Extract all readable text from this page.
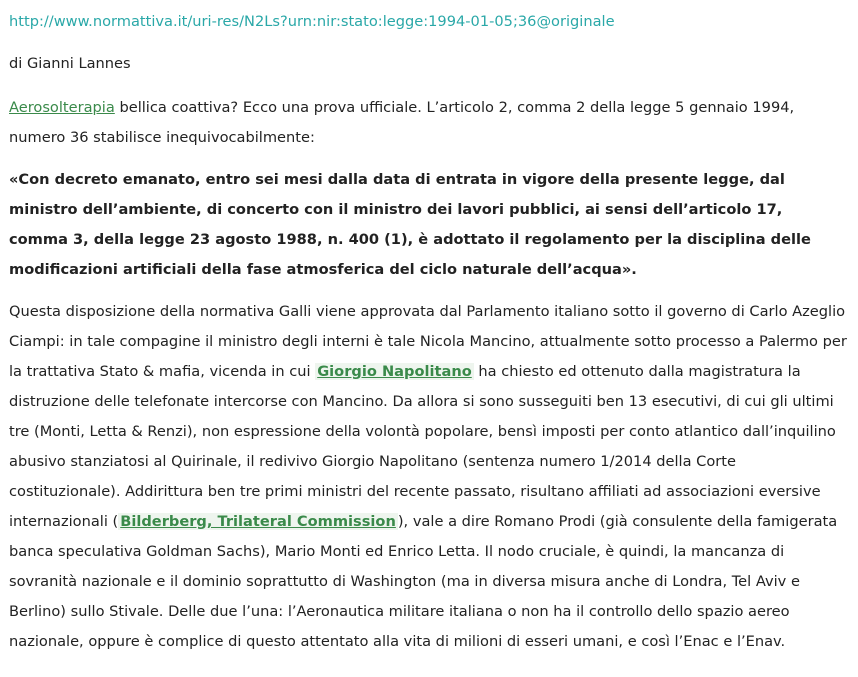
http://www.normattiva.it/uri-res/N2Ls?urn:nir:stato:legge:1994-01-05;36@originale

di Gianni Lannes

Aerosolterapia bellica coattiva? Ecco una prova ufficiale. L’articolo 2, comma 2 della legge 5 gennaio 1994, numero 36 stabilisce inequivocabilmente:

«Con decreto emanato, entro sei mesi dalla data di entrata in vigore della presente legge, dal ministro dell’ambiente, di concerto con il ministro dei lavori pubblici, ai sensi dell’articolo 17, comma 3, della legge 23 agosto 1988, n. 400 (1), è adottato il regolamento per la disciplina delle modificazioni artificiali della fase atmosferica del ciclo naturale dell’acqua».

Questa disposizione della normativa Galli viene approvata dal Parlamento italiano sotto il governo di Carlo Azeglio Ciampi: in tale compagine il ministro degli interni è tale Nicola Mancino, attualmente sotto processo a Palermo per la trattativa Stato & mafia, vicenda in cui Giorgio Napolitano ha chiesto ed ottenuto dalla magistratura la distruzione delle telefonate intercorse con Mancino. Da allora si sono susseguiti ben 13 esecutivi, di cui gli ultimi tre (Monti, Letta & Renzi), non espressione della volontà popolare, bensì imposti per conto atlantico dall’inquilino abusivo stanziatosi al Quirinale, il redivivo Giorgio Napolitano (sentenza numero 1/2014 della Corte costituzionale). Addirittura ben tre primi ministri del recente passato, risultano affiliati ad associazioni eversive internazionali ( Bilderberg, Trilateral Commission ), vale a dire Romano Prodi (già consulente della famigerata banca speculativa Goldman Sachs), Mario Monti ed Enrico Letta. Il nodo cruciale, è quindi, la mancanza di sovranità nazionale e il dominio soprattutto di Washington (ma in diversa misura anche di Londra, Tel Aviv e Berlino) sullo Stivale. Delle due l’una: l’Aeronautica militare italiana o non ha il controllo dello spazio aereo nazionale, oppure è complice di questo attentato alla vita di milioni di esseri umani, e così l’Enac e l’Enav.
